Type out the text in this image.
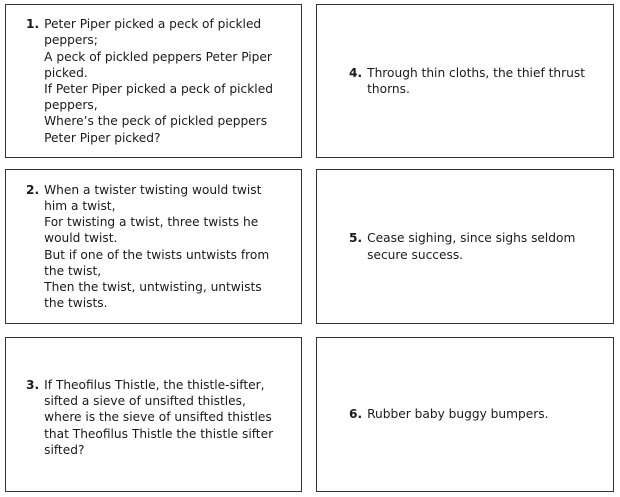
1. Peter Piper picked a peck of pickled peppers;
A peck of pickled peppers Peter Piper picked.
If Peter Piper picked a peck of pickled peppers,
Where’s the peck of pickled peppers Peter Piper picked?
2. When a twister twisting would twist him a twist,
For twisting a twist, three twists he would twist.
But if one of the twists untwists from the twist,
Then the twist, untwisting, untwists the twists.
3. If Theofilus Thistle, the thistle-sifter, sifted a sieve of unsifted thistles,
where is the sieve of unsifted thistles that Theofilus Thistle the thistle sifter sifted?
4. Through thin cloths, the thief thrust thorns.
5. Cease sighing, since sighs seldom secure success.
6. Rubber baby buggy bumpers.
